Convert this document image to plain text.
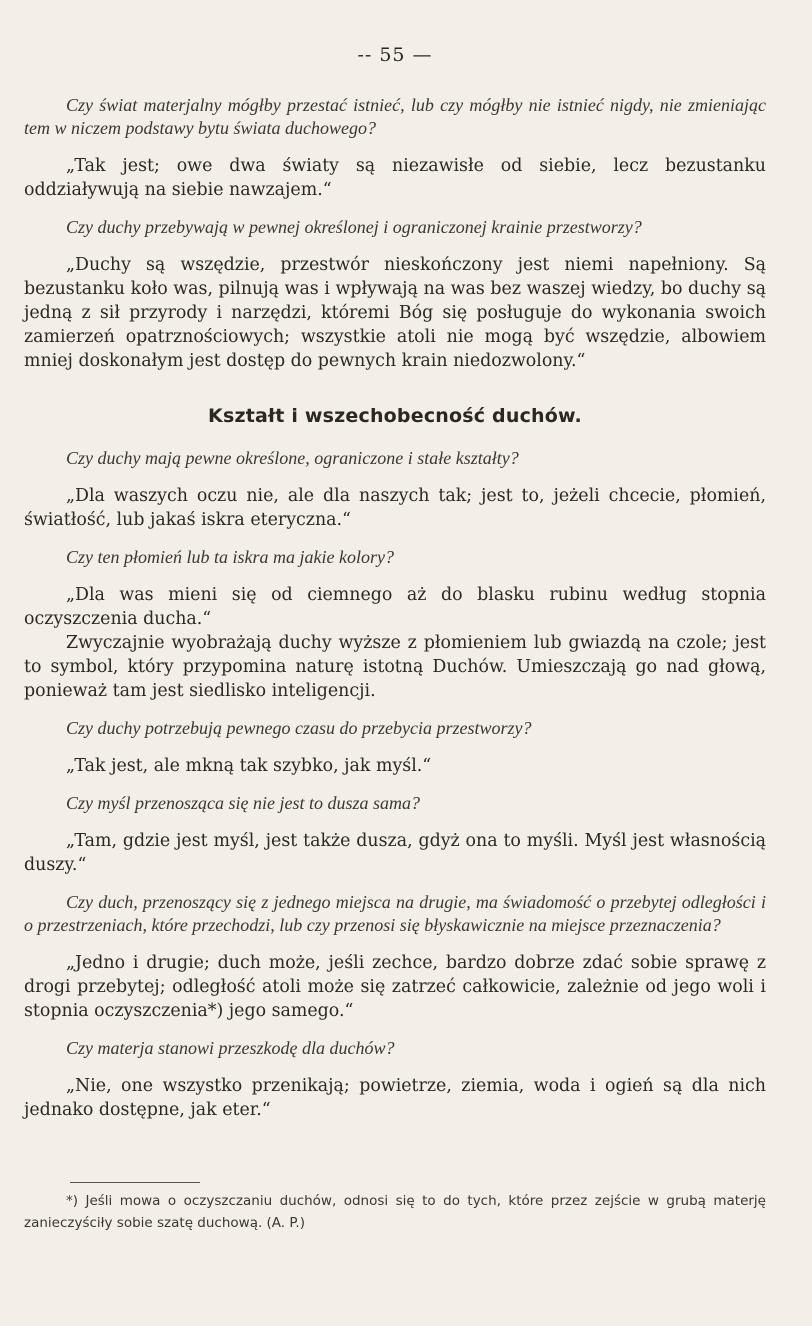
-- 55 —
Czy świat materjalny mógłby przestać istnieć, lub czy mógłby nie istnieć nigdy, nie zmieniając tem w niczem podstawy bytu świata duchowego?
„Tak jest; owe dwa światy są niezawisłe od siebie, lecz bezustanku oddziaływują na siebie nawzajem.“
Czy duchy przebywają w pewnej określonej i ograniczonej krainie przestworzy?
„Duchy są wszędzie, przestwór nieskończony jest niemi napełniony. Są bezustanku koło was, pilnują was i wpływają na was bez waszej wiedzy, bo duchy są jedną z sił przyrody i narzędzi, któremi Bóg się posługuje do wykonania swoich zamierzeń opatrznościowych; wszystkie atoli nie mogą być wszędzie, albowiem mniej doskonałym jest dostęp do pewnych krain niedozwolony.“
Kształt i wszechobecność duchów.
Czy duchy mają pewne określone, ograniczone i stałe kształty?
„Dla waszych oczu nie, ale dla naszych tak; jest to, jeżeli chcecie, płomień, światłość, lub jakaś iskra eteryczna.“
Czy ten płomień lub ta iskra ma jakie kolory?
„Dla was mieni się od ciemnego aż do blasku rubinu według stopnia oczyszczenia ducha.“
Zwyczajnie wyobrażają duchy wyższe z płomieniem lub gwiazdą na czole; jest to symbol, który przypomina naturę istotną Duchów. Umieszczają go nad głową, ponieważ tam jest siedlisko inteligencji.
Czy duchy potrzebują pewnego czasu do przebycia przestworzy?
„Tak jest, ale mkną tak szybko, jak myśl.“
Czy myśl przenosząca się nie jest to dusza sama?
„Tam, gdzie jest myśl, jest także dusza, gdyż ona to myśli. Myśl jest własnością duszy.“
Czy duch, przenoszący się z jednego miejsca na drugie, ma świadomość o przebytej odległości i o przestrzeniach, które przechodzi, lub czy przenosi się błyskawicznie na miejsce przeznaczenia?
„Jedno i drugie; duch może, jeśli zechce, bardzo dobrze zdać sobie sprawę z drogi przebytej; odległość atoli może się zatrzeć całkowicie, zależnie od jego woli i stopnia oczyszczenia*) jego samego.“
Czy materja stanowi przeszkodę dla duchów?
„Nie, one wszystko przenikają; powietrze, ziemia, woda i ogień są dla nich jednako dostępne, jak eter.“
*) Jeśli mowa o oczyszczaniu duchów, odnosi się to do tych, które przez zejście w grubą materję zanieczyściły sobie szatę duchową. (A. P.)
